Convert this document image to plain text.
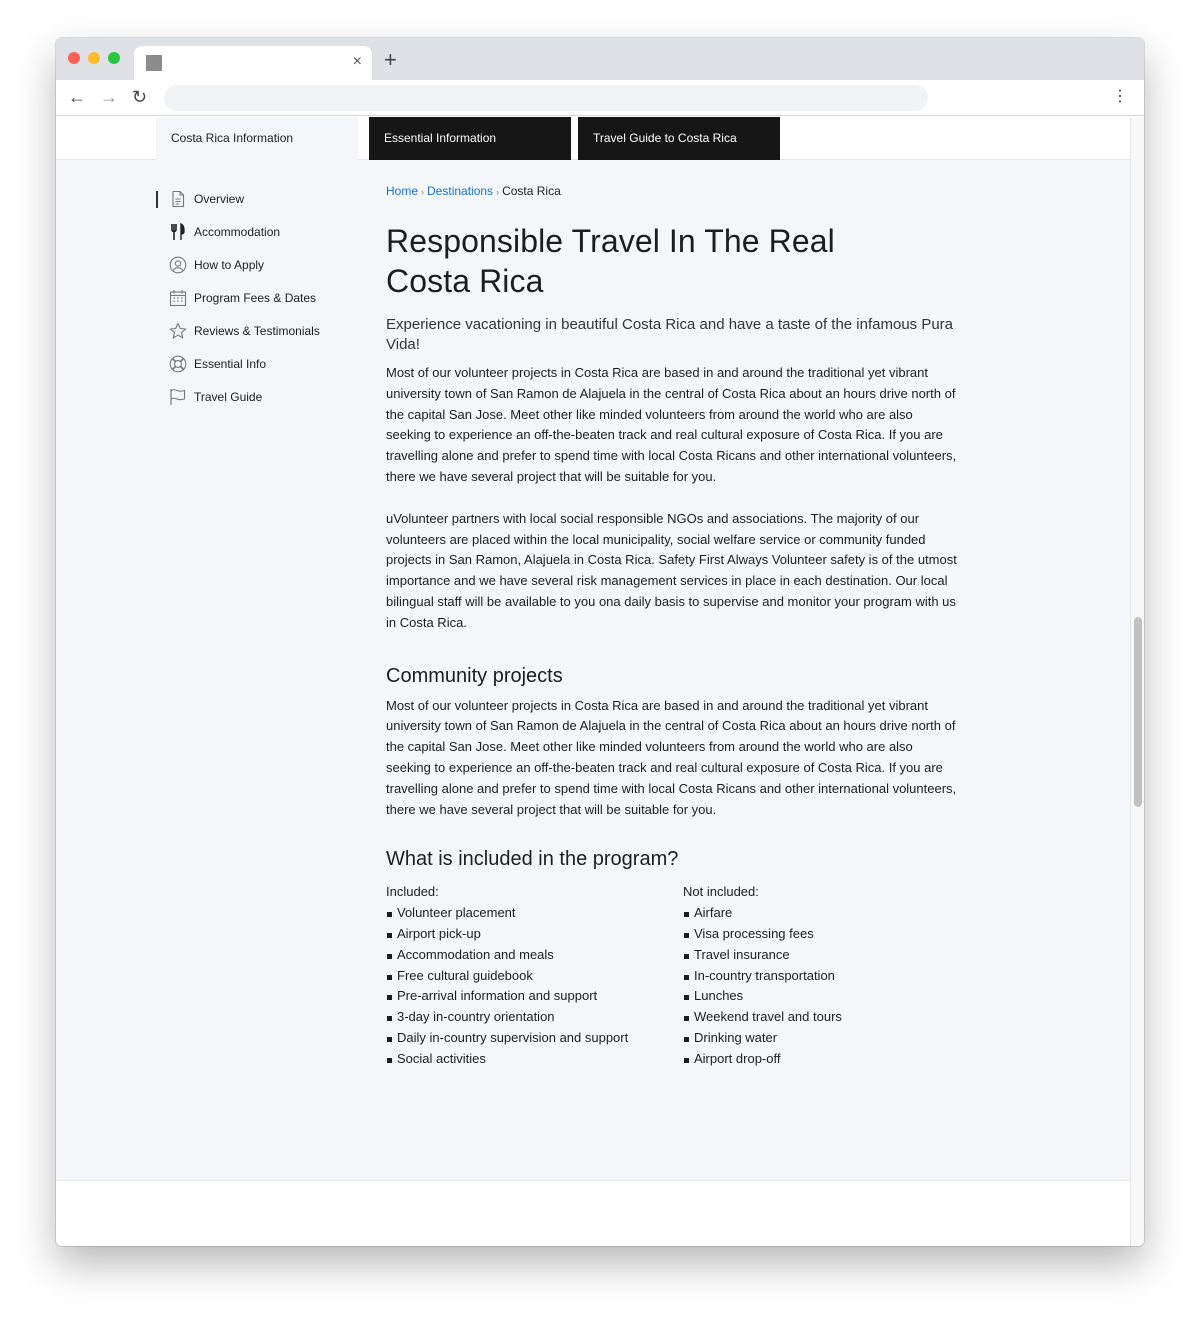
× +
← → ↻	⋮
Costa Rica Information	Essential Information	Travel Guide to Costa Rica
Overview
Accommodation
How to Apply
Program Fees & Dates
Reviews & Testimonials
Essential Info
Travel Guide
Home › Destinations › Costa Rica
Responsible Travel In The Real
Costa Rica

Experience vacationing in beautiful Costa Rica and have a taste of the infamous Pura Vida!

Most of our volunteer projects in Costa Rica are based in and around the traditional yet vibrant university town of San Ramon de Alajuela in the central of Costa Rica about an hours drive north of the capital San Jose. Meet other like minded volunteers from around the world who are also seeking to experience an off-the-beaten track and real cultural exposure of Costa Rica. If you are travelling alone and prefer to spend time with local Costa Ricans and other international volunteers, there we have several project that will be suitable for you.

uVolunteer partners with local social responsible NGOs and associations. The majority of our volunteers are placed within the local municipality, social welfare service or community funded projects in San Ramon, Alajuela in Costa Rica. Safety First Always Volunteer safety is of the utmost importance and we have several risk management services in place in each destination. Our local bilingual staff will be available to you ona daily basis to supervise and monitor your program with us in Costa Rica.

Community projects

Most of our volunteer projects in Costa Rica are based in and around the traditional yet vibrant university town of San Ramon de Alajuela in the central of Costa Rica about an hours drive north of the capital San Jose. Meet other like minded volunteers from around the world who are also seeking to experience an off-the-beaten track and real cultural exposure of Costa Rica. If you are travelling alone and prefer to spend time with local Costa Ricans and other international volunteers, there we have several project that will be suitable for you.

What is included in the program?
Included:
Volunteer placement
Airport pick-up
Accommodation and meals
Free cultural guidebook
Pre-arrival information and support
3-day in-country orientation
Daily in-country supervision and support
Social activities
Not included:
Airfare
Visa processing fees
Travel insurance
In-country transportation
Lunches
Weekend travel and tours
Drinking water
Airport drop-off
